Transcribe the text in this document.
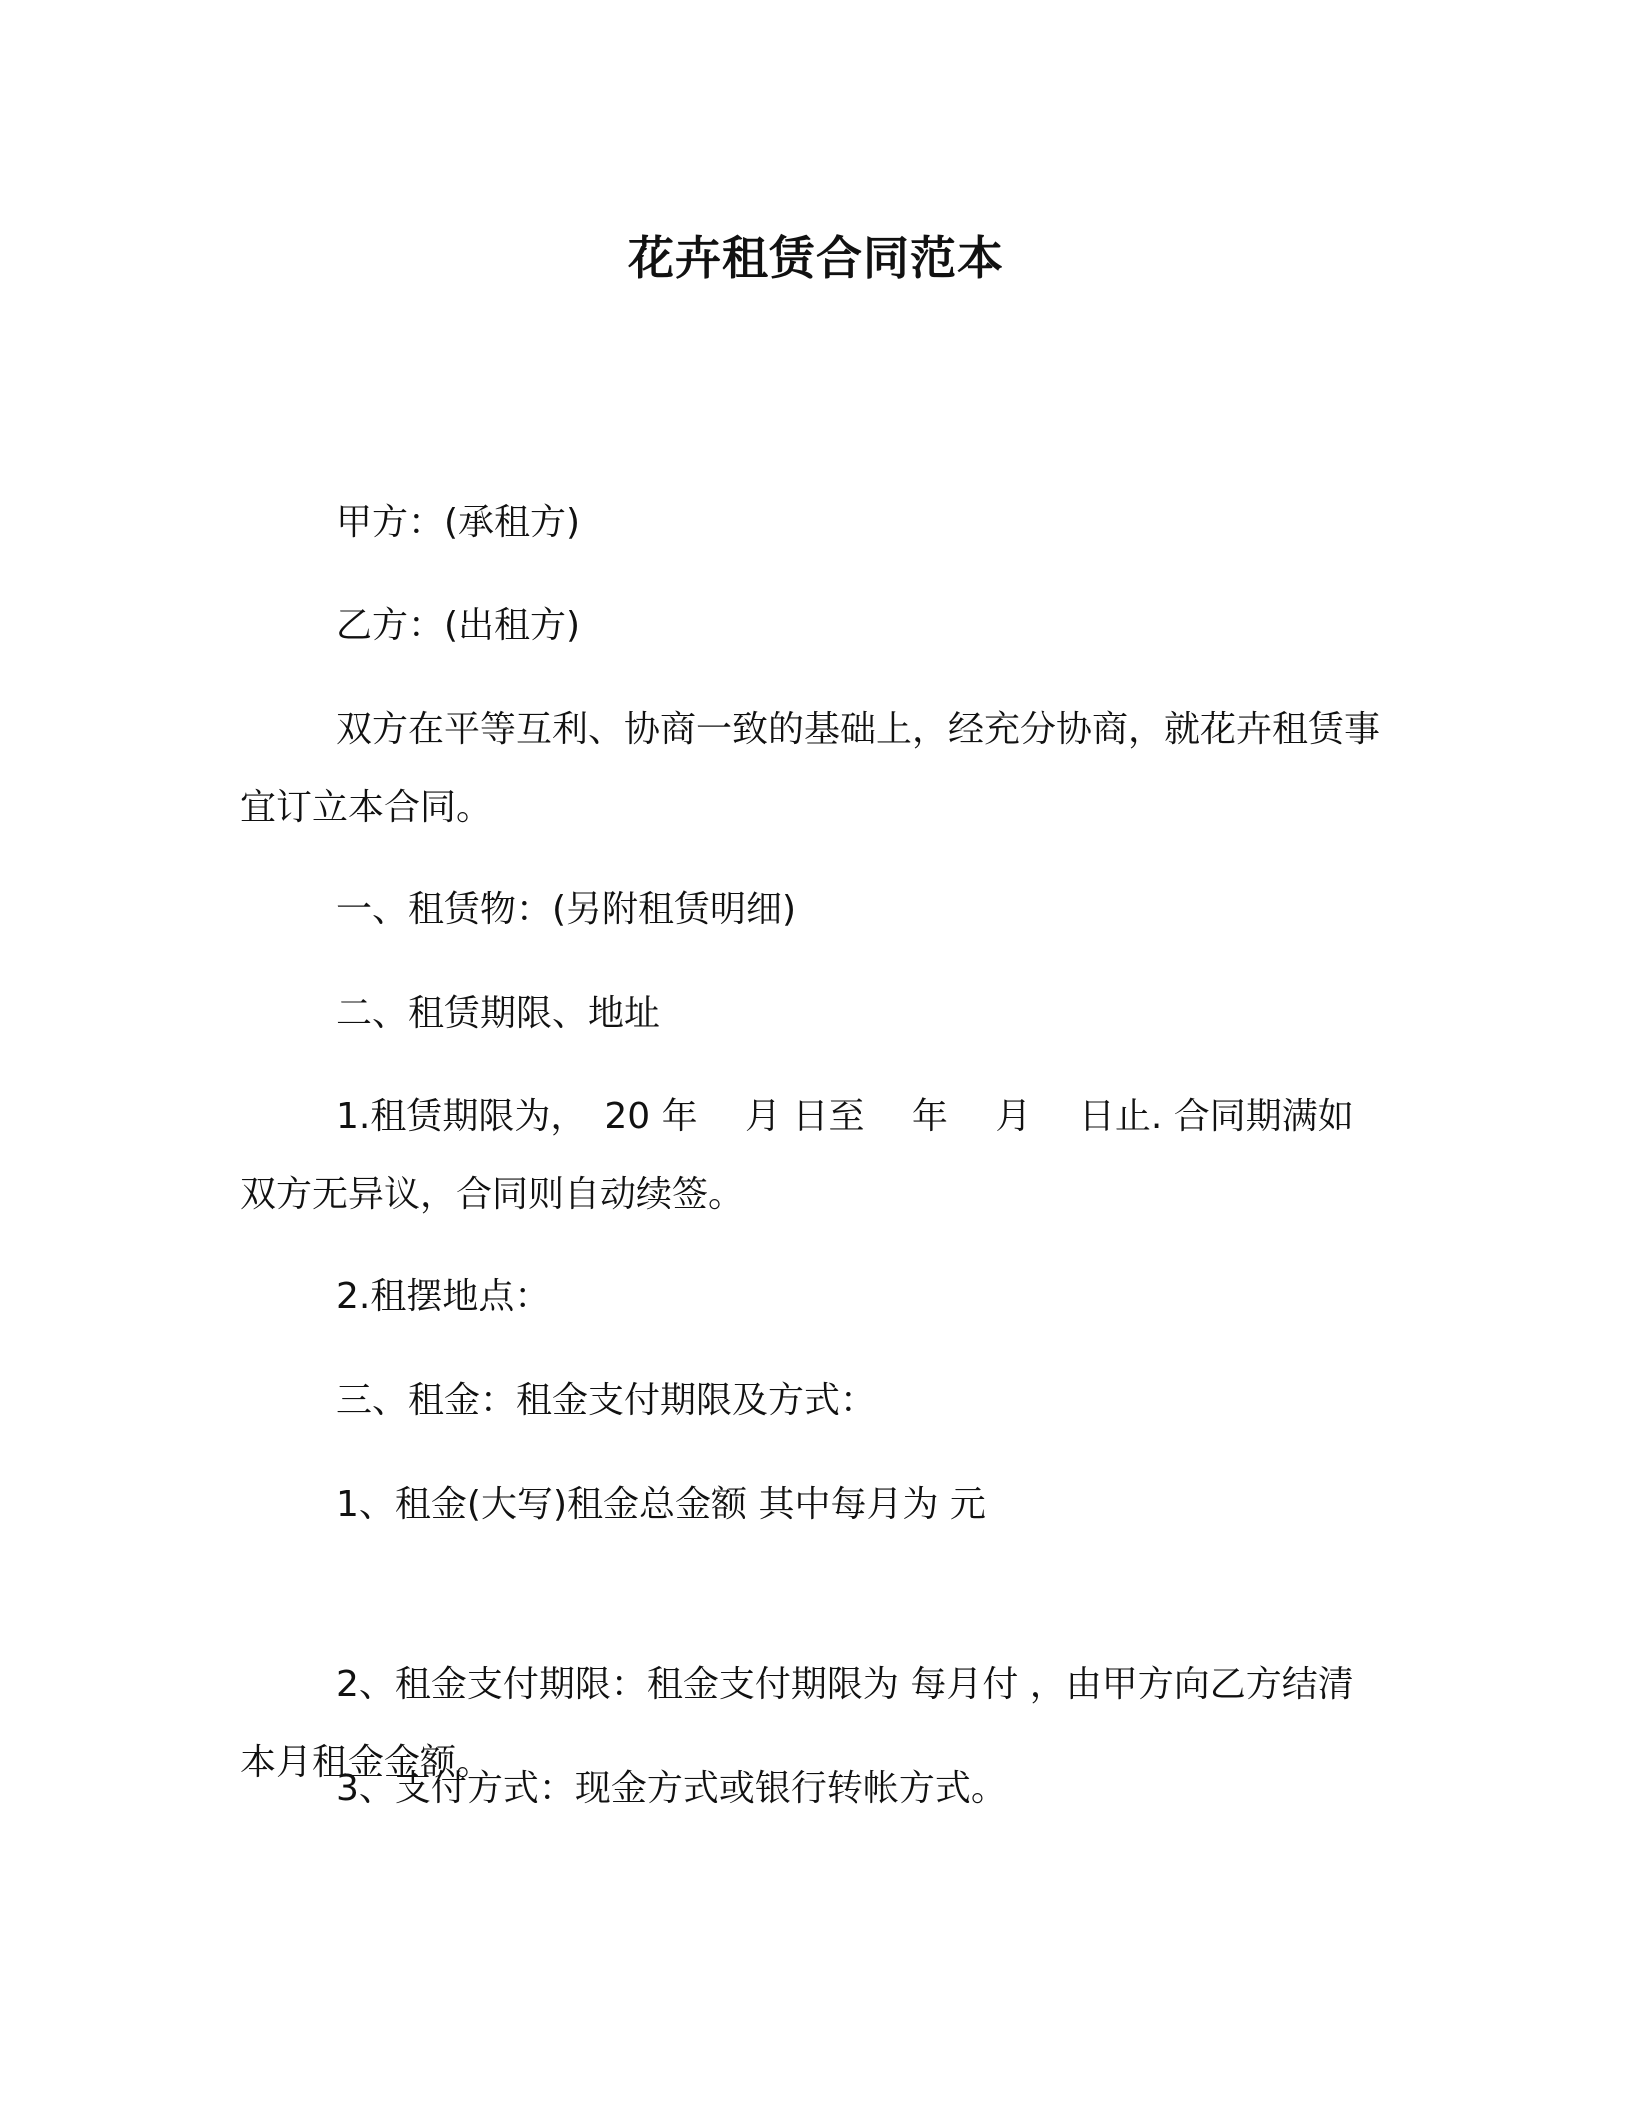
花卉租赁合同范本
甲方：(承租方)
乙方：(出租方)
双方在平等互利、协商一致的基础上，经充分协商，就花卉租赁事宜订立本合同。
一、租赁物：(另附租赁明细)
二、租赁期限、地址
1.租赁期限为，　20 年　 月 日至　 年　 月　 日止. 合同期满如双方无异议，合同则自动续签。
2.租摆地点：
三、租金：租金支付期限及方式：
1、租金(大写)租金总金额 其中每月为 元
2、租金支付期限：租金支付期限为 每月付 ，由甲方向乙方结清本月租金金额。
3、支付方式：现金方式或银行转帐方式。
